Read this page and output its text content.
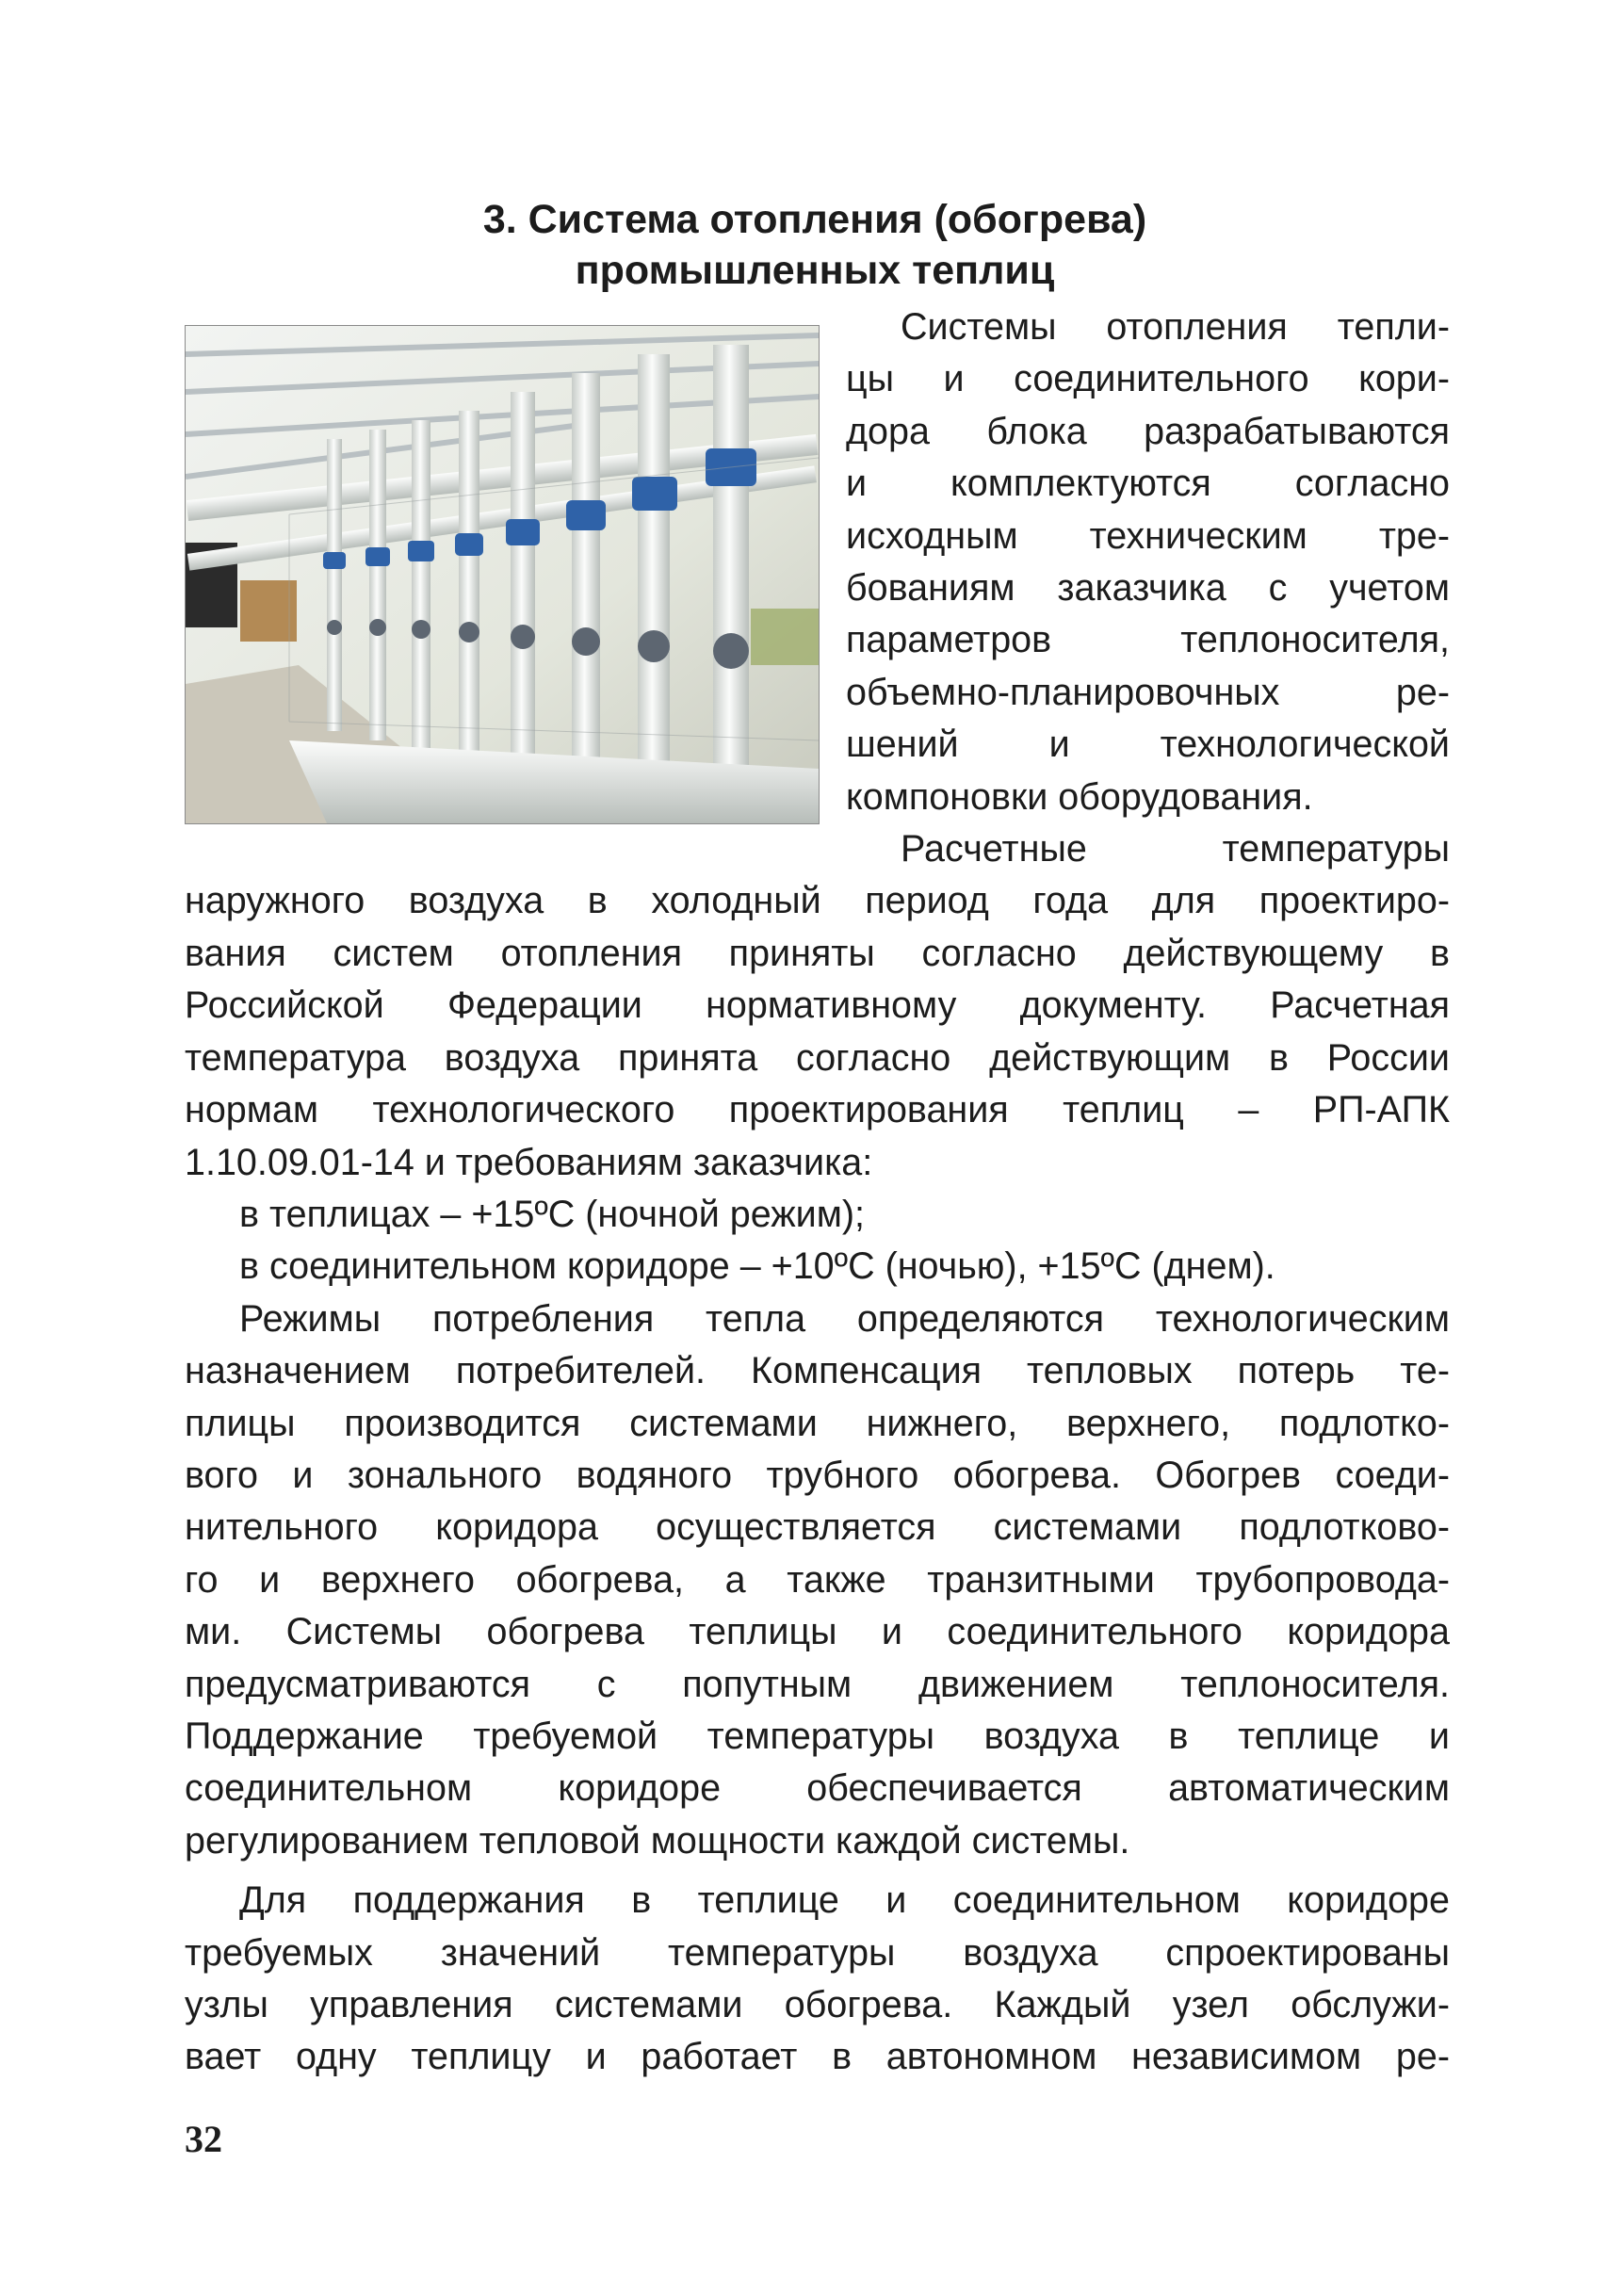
3. Система отопления (обогрева)
промышленных теплиц

Системы отопления тепли-

цы и соединительного кори-

дора блока разрабатываются

и комплектуются согласно

исходным техническим тре-

бованиям заказчика с учетом

параметров теплоносителя,

объемно-планировочных ре-

шений и технологической

компоновки оборудования.

Расчетные температуры

наружного воздуха в холодный период года для проектиро-

вания систем отопления приняты согласно действующему в

Российской Федерации нормативному документу. Расчетная

температура воздуха принята согласно действующим в России

нормам технологического проектирования теплиц – РП-АПК

1.10.09.01-14 и требованиям заказчика:

в теплицах – +15ºС (ночной режим);

в соединительном коридоре – +10ºС (ночью), +15ºС (днем).

Режимы потребления тепла определяются технологическим

назначением потребителей. Компенсация тепловых потерь те-

плицы производится системами нижнего, верхнего, подлотко-

вого и зонального водяного трубного обогрева. Обогрев соеди-

нительного коридора осуществляется системами подлотково-

го и верхнего обогрева, а также транзитными трубопровода-

ми. Системы обогрева теплицы и соединительного коридора

предусматриваются с попутным движением теплоносителя.

Поддержание требуемой температуры воздуха в теплице и

соединительном коридоре обеспечивается автоматическим

регулированием тепловой мощности каждой системы.

Для поддержания в теплице и соединительном коридоре

требуемых значений температуры воздуха спроектированы

узлы управления системами обогрева. Каждый узел обслужи-

вает одну теплицу и работает в автономном независимом ре-

32
